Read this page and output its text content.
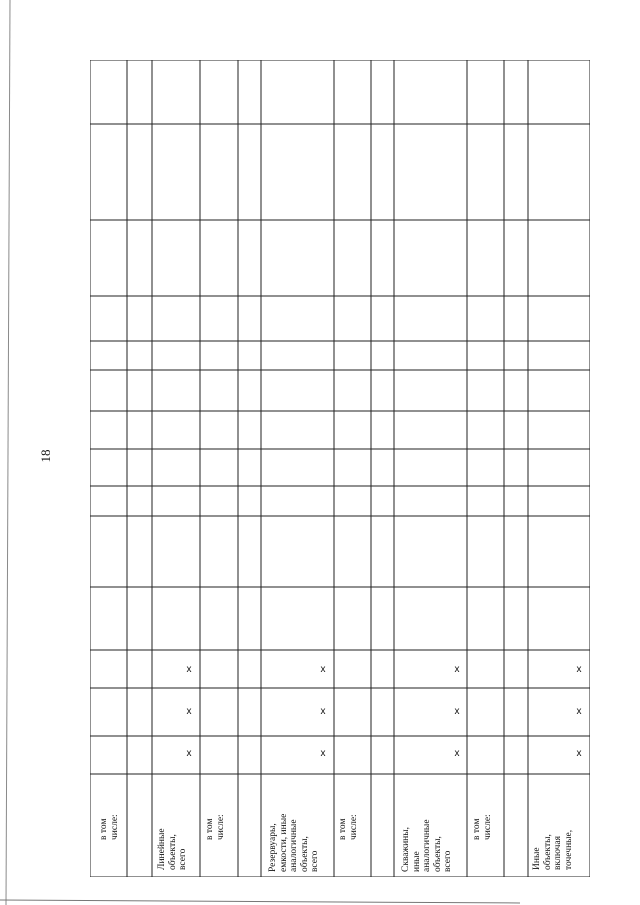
18
в том
числе:
Линейные
объекты,
всего
в том
числе:	Резервуары,
емкости, иные
аналогичные
объекты,
всего
в том
числе:	Скважины,
иные
аналогичные
объекты,
всего
в том
числе:
Иные
объекты,
включая
точечные,
x
x
x
x
x
x
x
x
x
x
x
x
